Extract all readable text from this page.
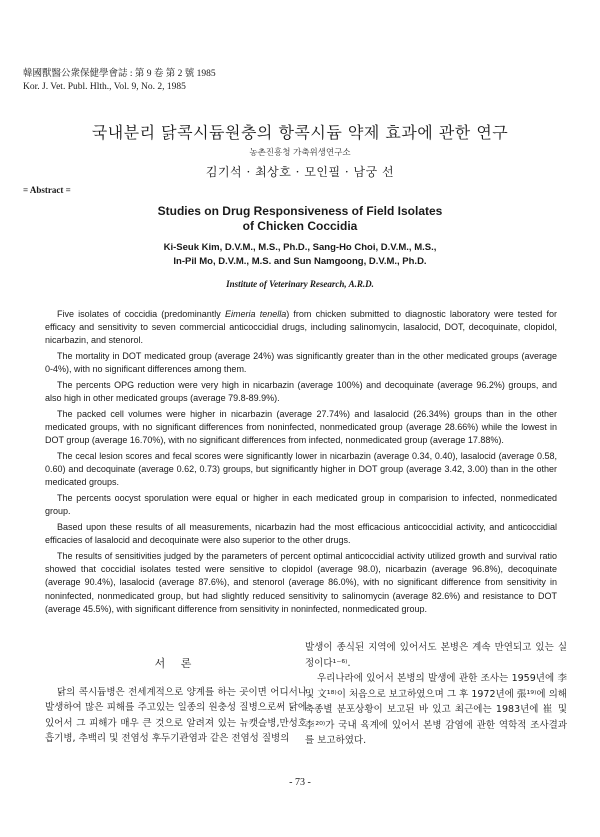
韓國獸醫公衆保健學會誌 : 第 9 卷 第 2 號 1985
Kor. J. Vet. Publ. Hlth., Vol. 9, No. 2, 1985
국내분리 닭콕시듐원충의 항콕시듐 약제 효과에 관한 연구
농촌진흥청 가축위생연구소
김기석 · 최상호 · 모인필 · 남궁 선
= Abstract =
Studies on Drug Responsiveness of Field Isolates
of Chicken Coccidia
Ki-Seuk Kim, D.V.M., M.S., Ph.D., Sang-Ho Choi, D.V.M., M.S.,
In-Pil Mo, D.V.M., M.S. and Sun Namgoong, D.V.M., Ph.D.
Institute of Veterinary Research, A.R.D.

Five isolates of coccidia (predominantly Eimeria tenella) from chicken submitted to diagnostic laboratory were tested for efficacy and sensitivity to seven commercial anticoccidial drugs, including salinomycin, lasalocid, DOT, decoquinate, clopidol, nicarbazin, and stenorol.

The mortality in DOT medicated group (average 24%) was significantly greater than in the other medicated groups (average 0-4%), with no significant differences among them.

The percents OPG reduction were very high in nicarbazin (average 100%) and decoquinate (average 96.2%) groups, and also high in other medicated groups (average 79.8-89.9%).

The packed cell volumes were higher in nicarbazin (average 27.74%) and lasalocid (26.34%) groups than in the other medicated groups, with no significant differences from noninfected, nonmedicated group (average 28.66%) while the lowest in DOT group (average 16.70%), with no significant differences from infected, nonmedicated group (average 17.88%).

The cecal lesion scores and fecal scores were significantly lower in nicarbazin (average 0.34, 0.40), lasalocid (average 0.58, 0.60) and decoquinate (average 0.62, 0.73) groups, but significantly higher in DOT group (average 3.42, 3.00) than in the other medicated groups.

The percents oocyst sporulation were equal or higher in each medicated group in comparision to infected, nonmedicated group.

Based upon these results of all measurements, nicarbazin had the most efficacious anticoccidial activity, and anticoccidial efficacies of lasalocid and decoquinate were also superior to the other drugs.

The results of sensitivities judged by the parameters of percent optimal anticoccidial activity utilized growth and survival ratio showed that coccidial isolates tested were sensitive to clopidol (average 98.0), nicarbazin (average 96.8%), decoquinate (average 90.4%), lasalocid (average 87.6%), and stenorol (average 86.0%), with no significant difference from sensitivity in noninfected, nonmedicated group, but had slightly reduced sensitivity to salinomycin (average 82.6%) and resistance to DOT (average 45.5%), with significant difference from sensitivity in noninfected, nonmedicated group.

서 론

닭의 콕시듐병은 전세계적으로 양계를 하는 곳이면 어디서나 발생하여 많은 피해를 주고있는 일종의 원충성 질병으로써 닭에 있어서 그 피해가 매우 큰 것으로 알려져 있는 뉴캣슬병,만성호흡기병, 추백리 및 전염성 후두기관염과 같은 전염성 질병의

발생이 종식된 지역에 있어서도 본병은 계속 만연되고 있는 실정이다¹⁻⁶⁾.

우리나라에 있어서 본병의 발생에 관한 조사는 1959년에 李 및 文¹⁸⁾이 처음으로 보고하였으며 그 후 1972년에 張¹⁹⁾에 의해 축종별 분포상황이 보고된 바 있고 최근에는 1983년에 崔 및 李²⁰⁾가 국내 육계에 있어서 본병 감염에 관한 역학적 조사결과를 보고하였다.

- 73 -
